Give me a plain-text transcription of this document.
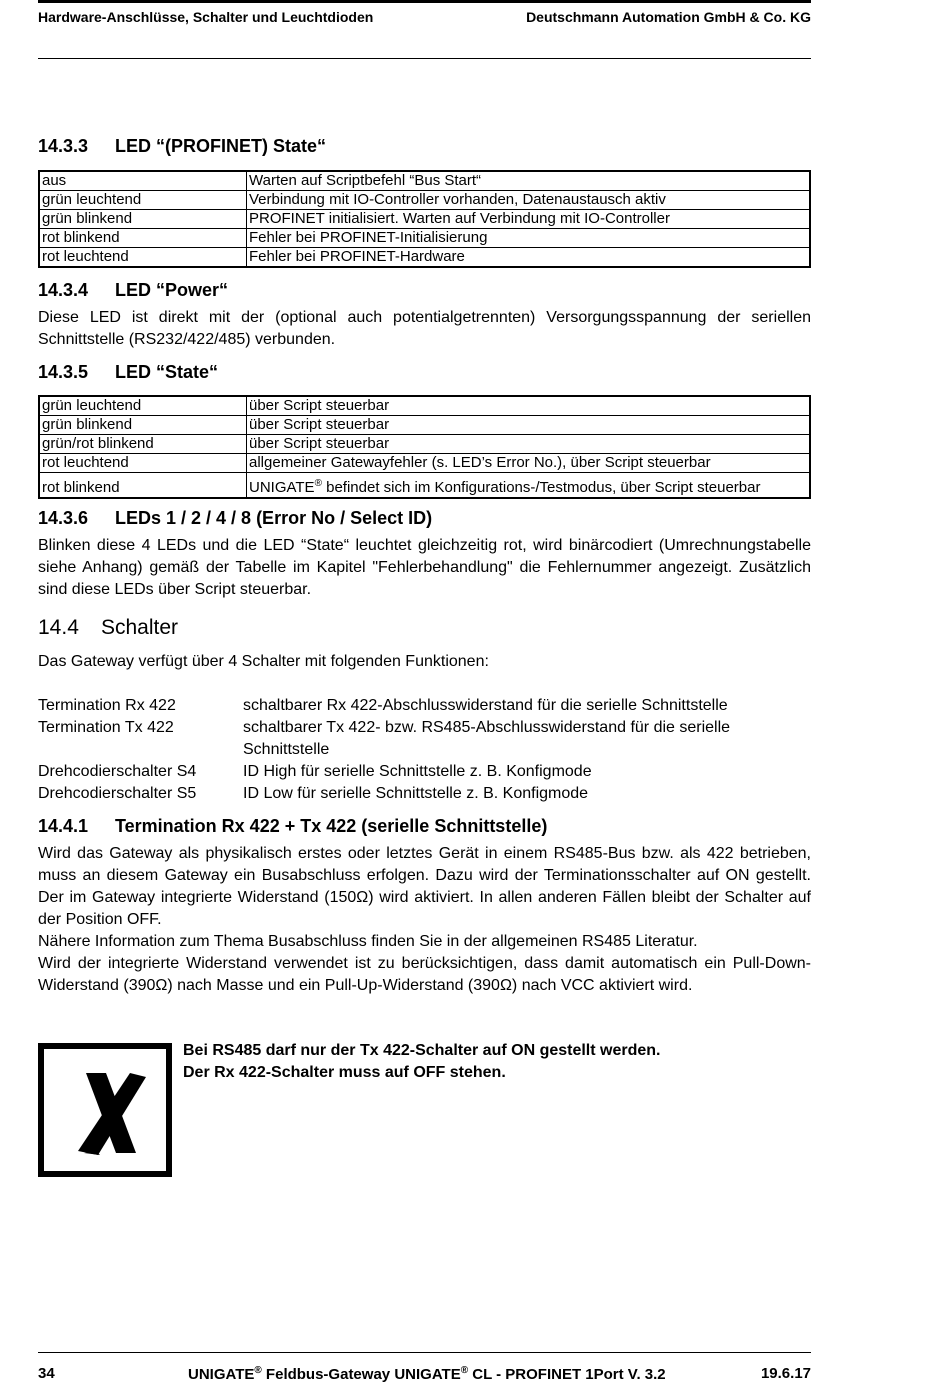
Hardware-Anschlüsse, Schalter und Leuchtdioden	Deutschmann Automation GmbH & Co. KG
14.3.3 LED “(PROFINET) State“
aus	Warten auf Scriptbefehl “Bus Start“
grün leuchtend	Verbindung mit IO-Controller vorhanden, Datenaustausch aktiv
grün blinkend	PROFINET initialisiert. Warten auf Verbindung mit IO-Controller
rot blinkend	Fehler bei PROFINET-Initialisierung
rot leuchtend	Fehler bei PROFINET-Hardware
14.3.4 LED “Power“

Diese LED ist direkt mit der (optional auch potentialgetrennten) Versorgungsspannung der seriellen Schnittstelle (RS232/422/485) verbunden.

14.3.5 LED “State“
grün leuchtend	über Script steuerbar
grün blinkend	über Script steuerbar
grün/rot blinkend	über Script steuerbar
rot leuchtend	allgemeiner Gatewayfehler (s. LED’s Error No.), über Script steuerbar
rot blinkend	UNIGATE® befindet sich im Konfigurations-/Testmodus, über Script steuerbar
14.3.6 LEDs 1 / 2 / 4 / 8 (Error No / Select ID)

Blinken diese 4 LEDs und die LED “State“ leuchtet gleichzeitig rot, wird binärcodiert (Umrechnungstabelle siehe Anhang) gemäß der Tabelle im Kapitel "Fehlerbehandlung" die Fehlernummer angezeigt. Zusätzlich sind diese LEDs über Script steuerbar.

14.4 Schalter

Das Gateway verfügt über 4 Schalter mit folgenden Funktionen:

Termination Rx 422	schaltbarer Rx 422-Abschlusswiderstand für die serielle Schnittstelle
Termination Tx 422	schaltbarer Tx 422- bzw. RS485-Abschlusswiderstand für die serielle Schnittstelle
Drehcodierschalter S4	ID High für serielle Schnittstelle z. B. Konfigmode
Drehcodierschalter S5	ID Low für serielle Schnittstelle z. B. Konfigmode
14.4.1 Termination Rx 422 + Tx 422 (serielle Schnittstelle)

Wird das Gateway als physikalisch erstes oder letztes Gerät in einem RS485-Bus bzw. als 422 betrieben, muss an diesem Gateway ein Busabschluss erfolgen. Dazu wird der Terminationsschalter auf ON gestellt. Der im Gateway integrierte Widerstand (150Ω) wird aktiviert. In allen anderen Fällen bleibt der Schalter auf der Position OFF.

Nähere Information zum Thema Busabschluss finden Sie in der allgemeinen RS485 Literatur.

Wird der integrierte Widerstand verwendet ist zu berücksichtigen, dass damit automatisch ein Pull-Down-Widerstand (390Ω) nach Masse und ein Pull-Up-Widerstand (390Ω) nach VCC aktiviert wird.

Bei RS485 darf nur der Tx 422-Schalter auf ON gestellt werden.
Der Rx 422-Schalter muss auf OFF stehen.
34	UNIGATE® Feldbus-Gateway UNIGATE® CL - PROFINET 1Port V. 3.2	19.6.17
